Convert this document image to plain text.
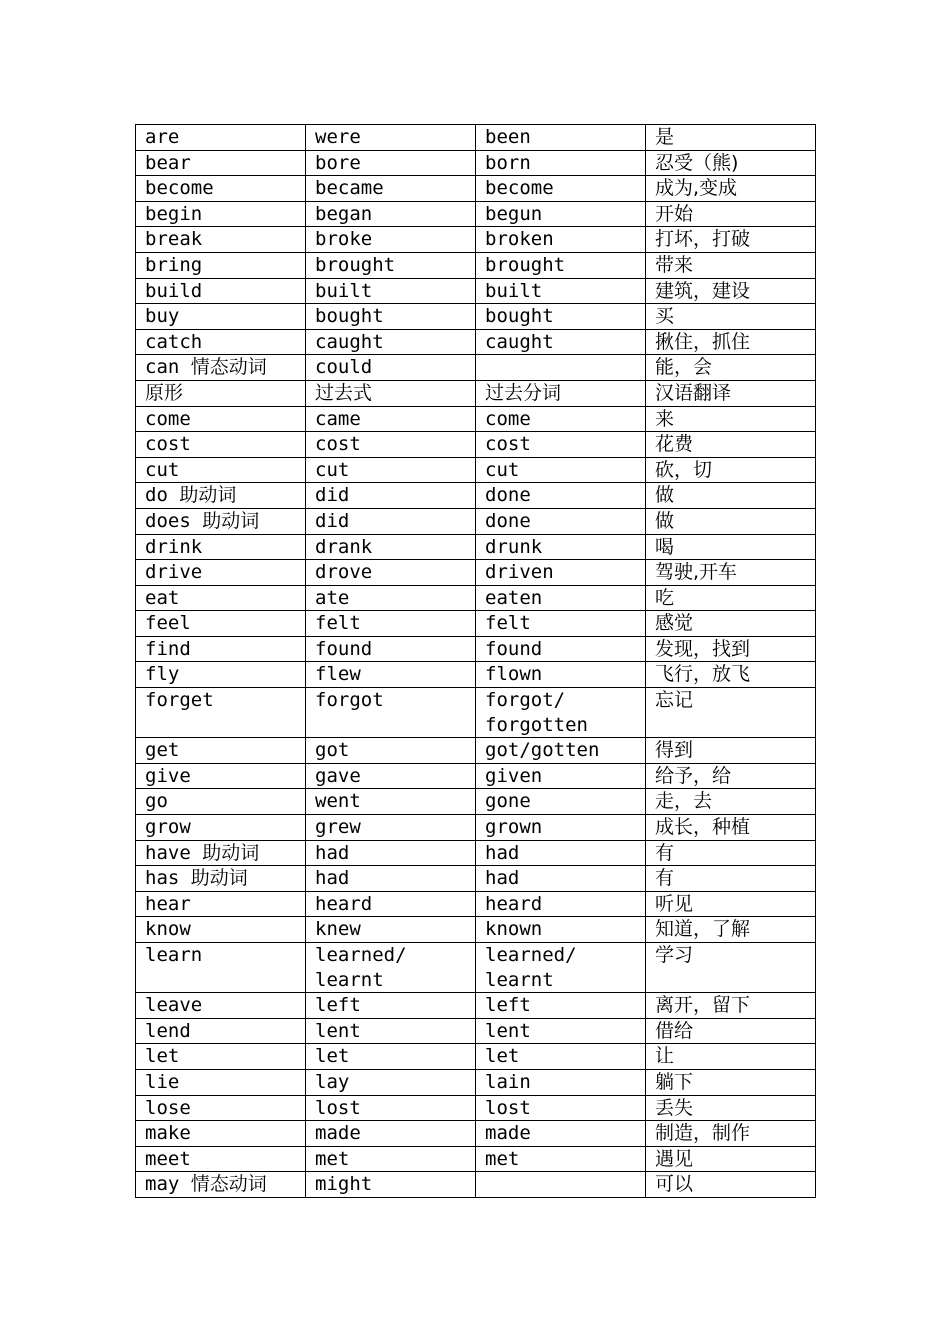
are	were	been	是
bear	bore	born	忍受（熊)
become	became	become	成为,变成
begin	began	begun	开始
break	broke	broken	打坏，打破
bring	brought	brought	带来
build	built	built	建筑，建设
buy	bought	bought	买
catch	caught	caught	揪住，抓住
can 情态动词	could		能，会
原形	过去式	过去分词	汉语翻译
come	came	come	来
cost	cost	cost	花费
cut	cut	cut	砍，切
do 助动词	did	done	做
does 助动词	did	done	做
drink	drank	drunk	喝
drive	drove	driven	驾驶,开车
eat	ate	eaten	吃
feel	felt	felt	感觉
find	found	found	发现，找到
fly	flew	flown	飞行，放飞
forget	forgot	forgot/ forgotten	忘记
get	got	got/gotten	得到
give	gave	given	给予，给
go	went	gone	走，去
grow	grew	grown	成长，种植
have 助动词	had	had	有
has 助动词	had	had	有
hear	heard	heard	听见
know	knew	known	知道，了解
learn	learned/ learnt	learned/ learnt	学习
leave	left	left	离开，留下
lend	lent	lent	借给
let	let	let	让
lie	lay	lain	躺下
lose	lost	lost	丢失
make	made	made	制造，制作
meet	met	met	遇见
may 情态动词	might		可以
